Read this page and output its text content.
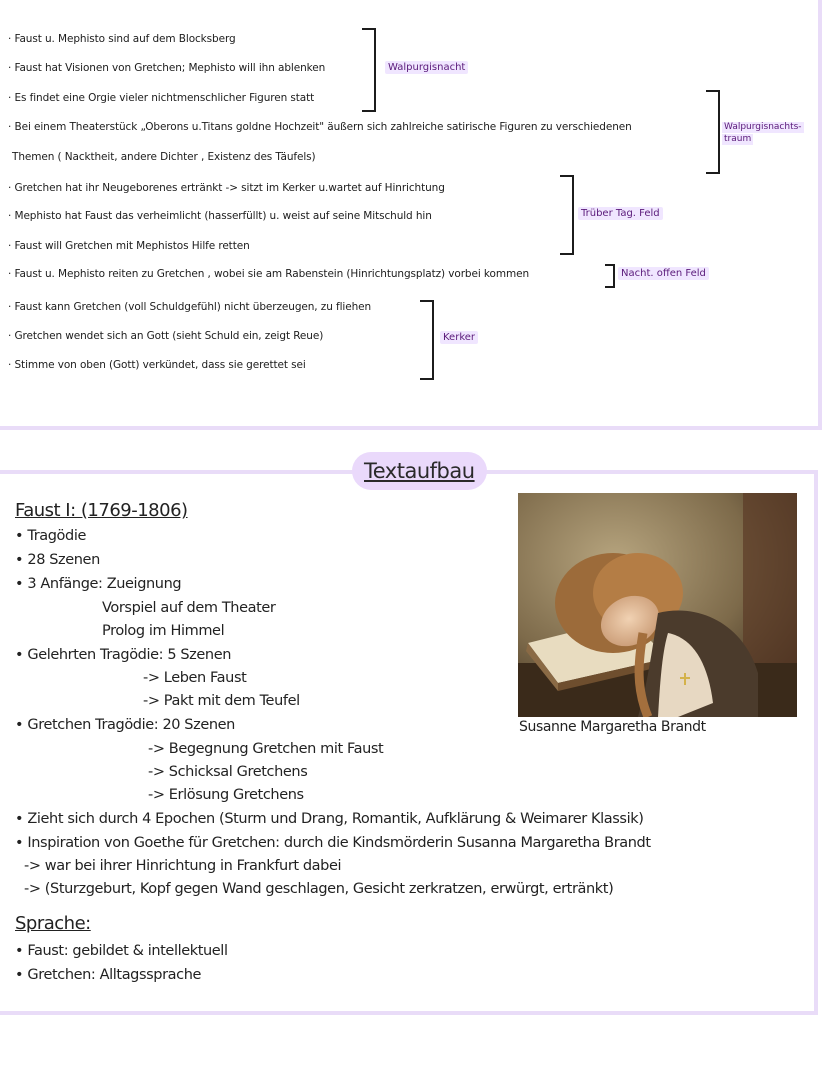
· Faust u. Mephisto sind auf dem Blocksberg
· Faust hat Visionen von Gretchen; Mephisto will ihn ablenken
· Es findet eine Orgie vieler nichtmenschlicher Figuren statt
Walpurgisnacht
· Bei einem Theaterstück „Oberons u.Titans goldne Hochzeit" äußern sich zahlreiche satirische Figuren zu verschiedenen
Themen ( Nacktheit, andere Dichter , Existenz des Täufels)
Walpurgisnachts-
traum
· Gretchen hat ihr Neugeborenes ertränkt -> sitzt im Kerker u.wartet auf Hinrichtung
· Mephisto hat Faust das verheimlicht (hasserfüllt) u. weist auf seine Mitschuld hin
· Faust will Gretchen mit Mephistos Hilfe retten
Trüber Tag. Feld
· Faust u. Mephisto reiten zu Gretchen , wobei sie am Rabenstein (Hinrichtungsplatz) vorbei kommen	Nacht. offen Feld
· Faust kann Gretchen (voll Schuldgefühl) nicht überzeugen, zu fliehen
· Gretchen wendet sich an Gott (sieht Schuld ein, zeigt Reue)
· Stimme von oben (Gott) verkündet, dass sie gerettet sei
Kerker
Textaufbau
Faust I: (1769-1806)
• Tragödie
• 28 Szenen
• 3 Anfänge: Zueignung
Vorspiel auf dem Theater
Prolog im Himmel
• Gelehrten Tragödie: 5 Szenen
-> Leben Faust
-> Pakt mit dem Teufel
• Gretchen Tragödie: 20 Szenen
-> Begegnung Gretchen mit Faust
-> Schicksal Gretchens
-> Erlösung Gretchens
• Zieht sich durch 4 Epochen (Sturm und Drang, Romantik, Aufklärung & Weimarer Klassik)
• Inspiration von Goethe für Gretchen: durch die Kindsmörderin Susanna Margaretha Brandt
-> war bei ihrer Hinrichtung in Frankfurt dabei
-> (Sturzgeburt, Kopf gegen Wand geschlagen, Gesicht zerkratzen, erwürgt, ertränkt)
Sprache:
• Faust: gebildet & intellektuell
• Gretchen: Alltagssprache
Susanne Margaretha Brandt
